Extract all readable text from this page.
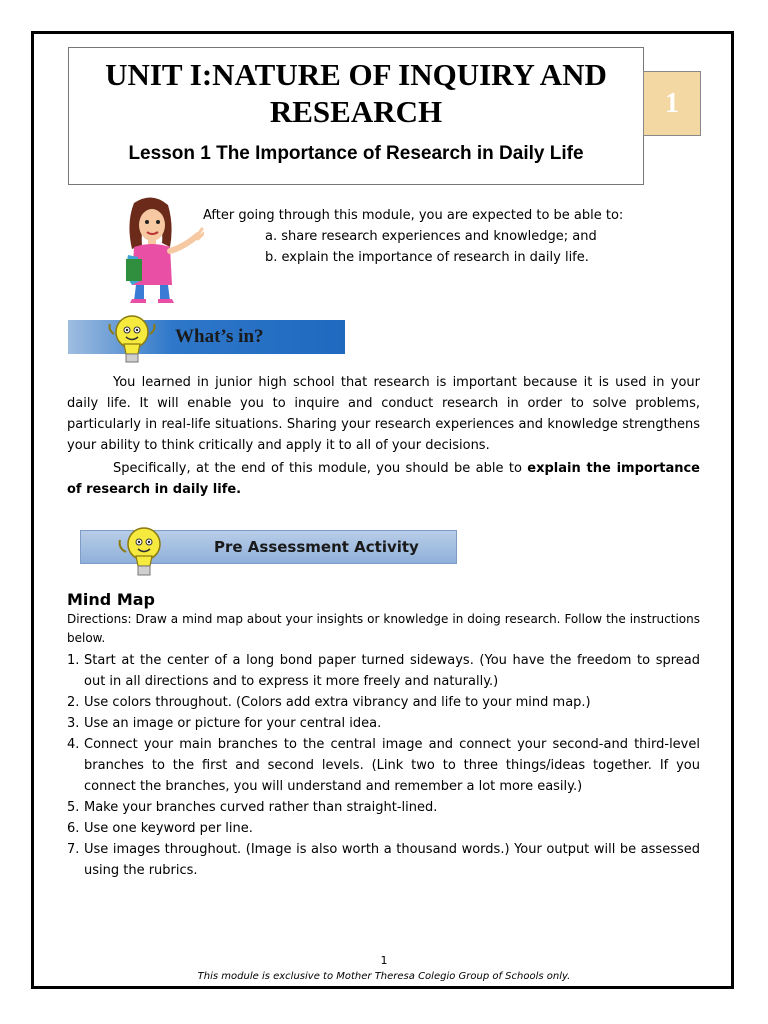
UNIT I:NATURE OF INQUIRY AND RESEARCH
Lesson 1 The Importance of Research in Daily Life
1
After going through this module, you are expected to be able to:
a. share research experiences and knowledge; and
b. explain the importance of research in daily life.
What’s in?
You learned in junior high school that research is important because it is used in your daily life. It will enable you to inquire and conduct research in order to solve problems, particularly in real-life situations. Sharing your research experiences and knowledge strengthens your ability to think critically and apply it to all of your decisions.
Specifically, at the end of this module, you should be able to explain the importance of research in daily life.
Pre Assessment Activity
Mind Map
Directions: Draw a mind map about your insights or knowledge in doing research. Follow the instructions below.
1. Start at the center of a long bond paper turned sideways. (You have the freedom to spread out in all directions and to express it more freely and naturally.)
2. Use colors throughout. (Colors add extra vibrancy and life to your mind map.)
3. Use an image or picture for your central idea.
4. Connect your main branches to the central image and connect your second-and third-level branches to the first and second levels. (Link two to three things/ideas together. If you connect the branches, you will understand and remember a lot more easily.)
5. Make your branches curved rather than straight-lined.
6. Use one keyword per line.
7. Use images throughout. (Image is also worth a thousand words.) Your output will be assessed using the rubrics.
1
This module is exclusive to Mother Theresa Colegio Group of Schools only.
